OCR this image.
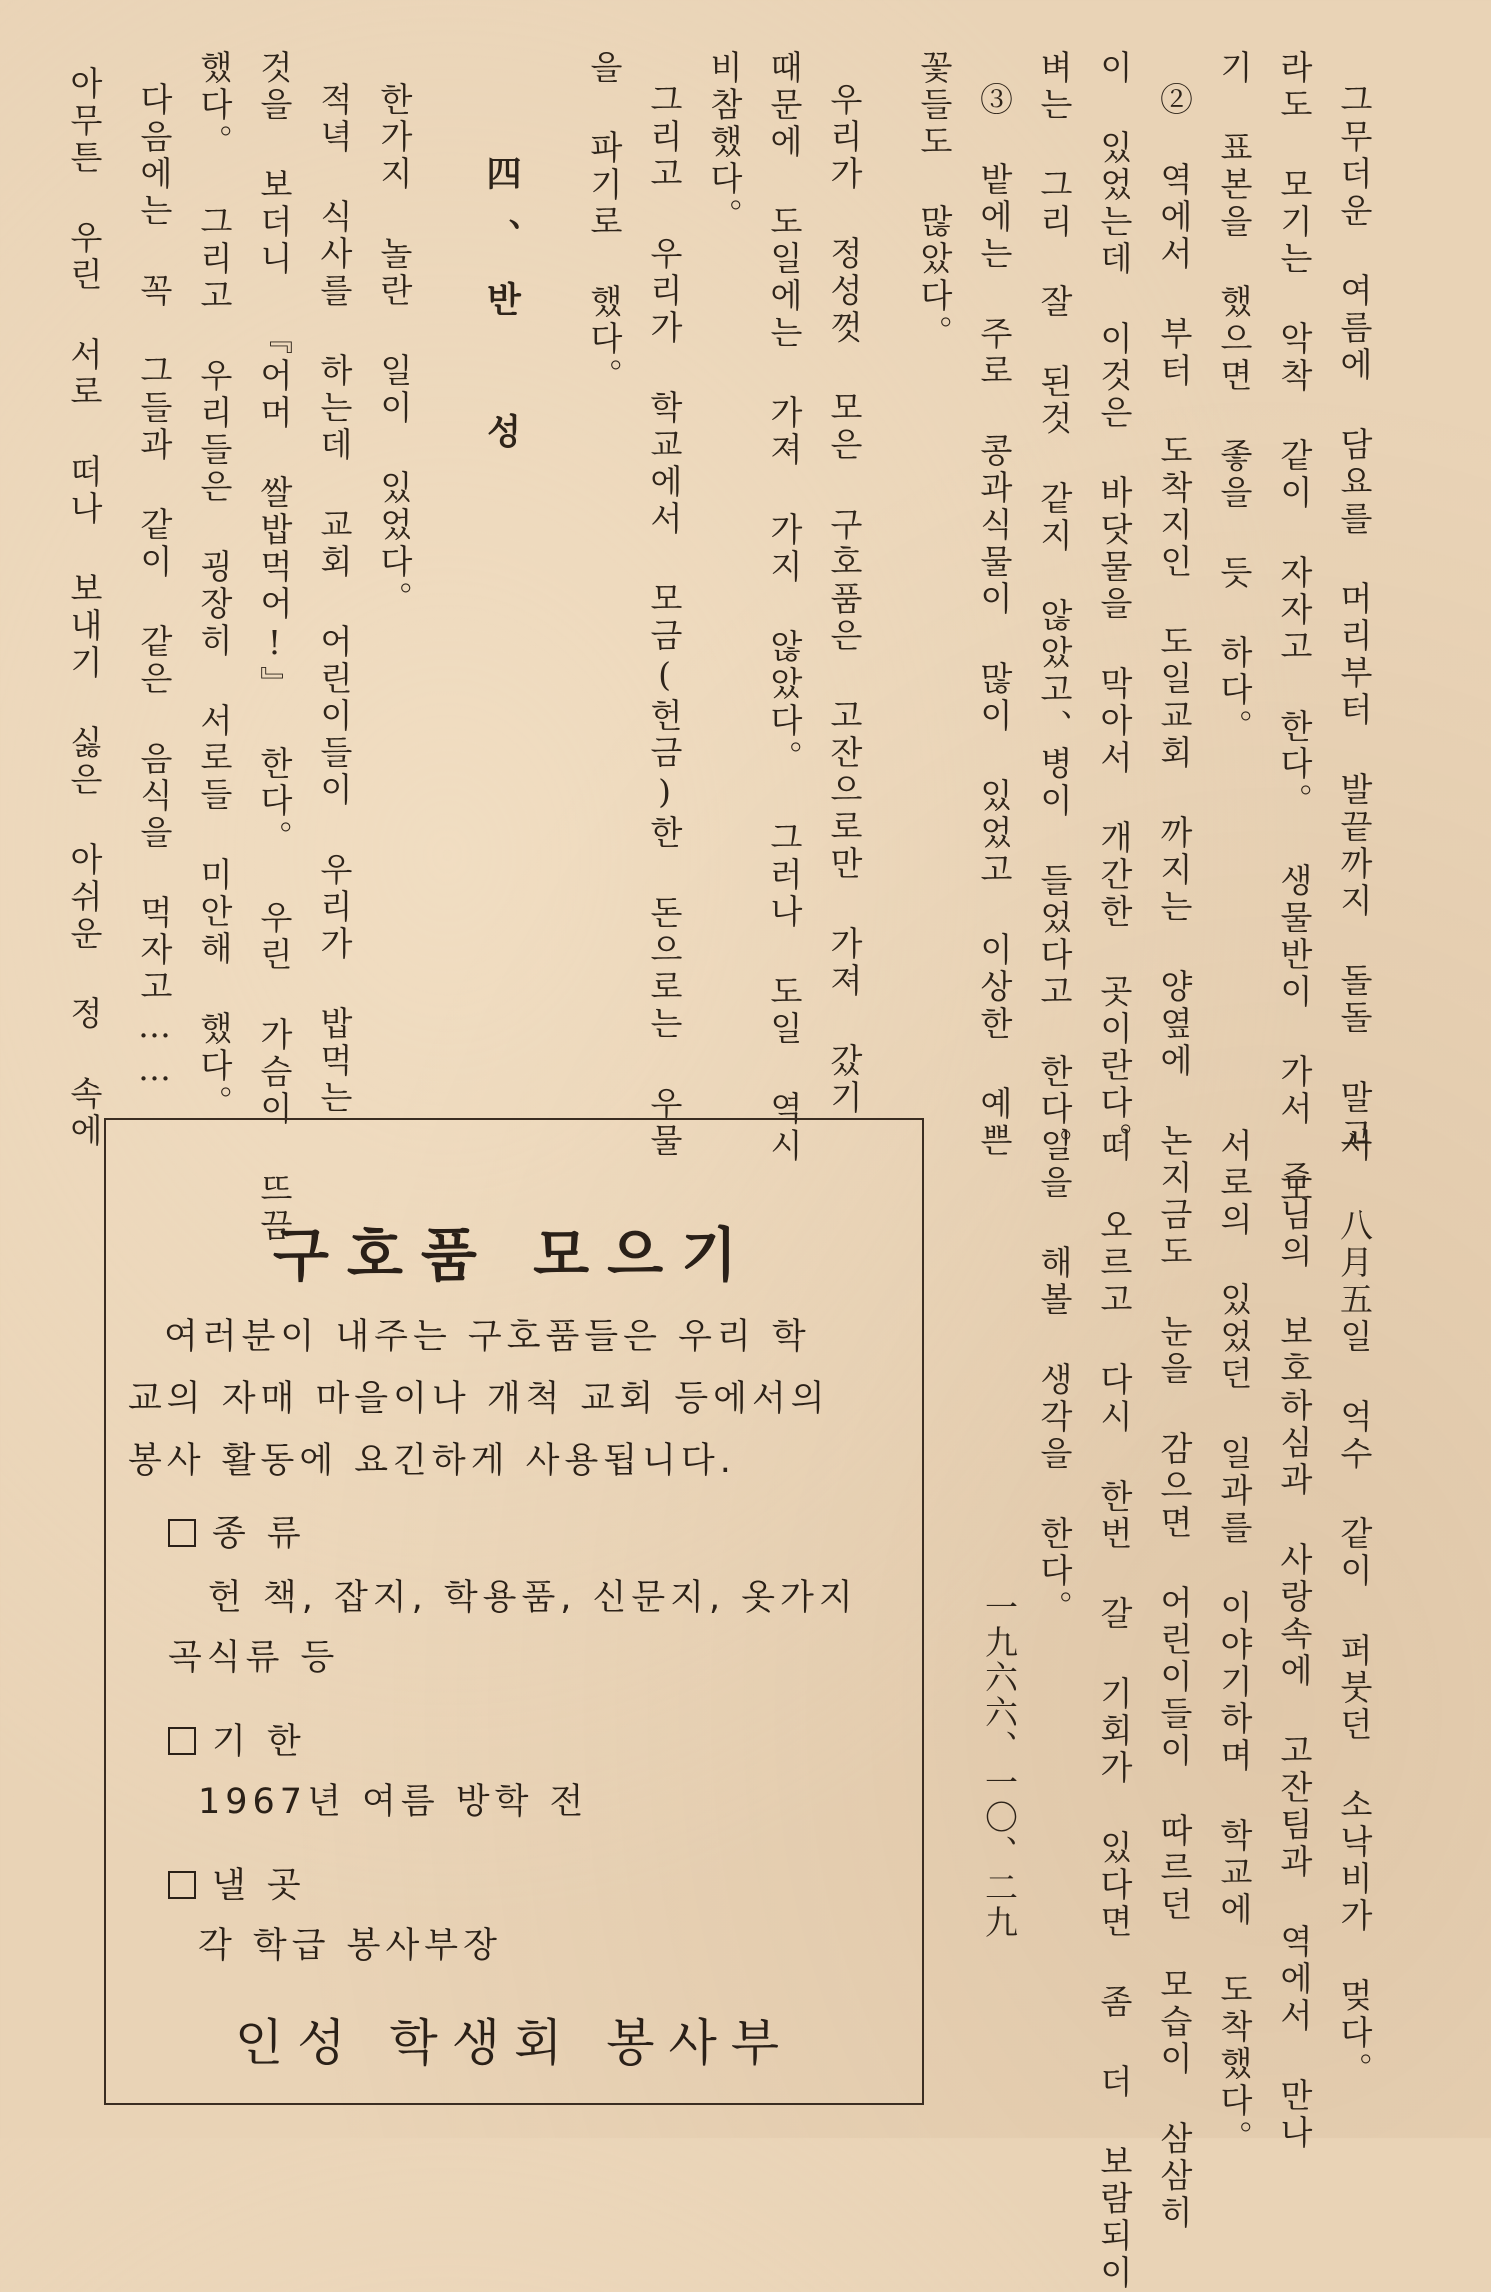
그무더운 여름에 담요를 머리부터 발끝까지 돌돌 말고
라도 모기는 악착 같이 자자고 한다。 생물반이 가서 모
기 표본을 했으면 좋을 듯 하다。
② 역에서 부터 도착지인 도일교회 까지는 양옆에 논
이 있었는데 이것은 바닷물을 막아서 개간한 곳이란다。
벼는 그리 잘 된것 같지 않았고、병이 들었다고 한다。
③ 밭에는 주로 콩과식물이 많이 있었고 이상한 예쁜
꽃들도 많았다。
우리가 정성껏 모은 구호품은 고잔으로만 가져 갔기
때문에 도일에는 가져 가지 않았다。 그러나 도일 역시
비참했다。
그리고 우리가 학교에서 모금(헌금)한 돈으로는 우물
을 파기로 했다。
四、반 성
한가지 놀란 일이 있었다。
적녁 식사를 하는데 교회 어린이들이 우리가 밥먹는
것을 보더니 『어머 쌀밥먹어!』 한다。 우린 가슴이 뜨끔
했다。 그리고 우리들은 굉장히 서로들 미안해 했다。
다음에는 꼭 그들과 같이 같은 음식을 먹자고……
아무튼 우린 서로 떠나 보내기 싫은 아쉬운 정 속에
서 八月五일 억수 같이 퍼붓던 소낙비가 멎다。
주님의 보호하심과 사랑속에 고잔팀과 역에서 만나
서로의 있었던 일과를 이야기하며 학교에 도착했다。
지금도 눈을 감으면 어린이들이 따르던 모습이 삼삼히
떠 오르고 다시 한번 갈 기회가 있다면 좀 더 보람되이
일을 해볼 생각을 한다。
一九六六、一〇、二九
구호품 모으기
여러분이 내주는 구호품들은 우리 학
교의 자매 마을이나 개척 교회 등에서의
봉사 활동에 요긴하게 사용됩니다.
종 류
헌 책, 잡지, 학용품, 신문지, 옷가지
곡식류 등
기 한
1967년 여름 방학 전
낼 곳
각 학급 봉사부장
인성 학생회 봉사부
